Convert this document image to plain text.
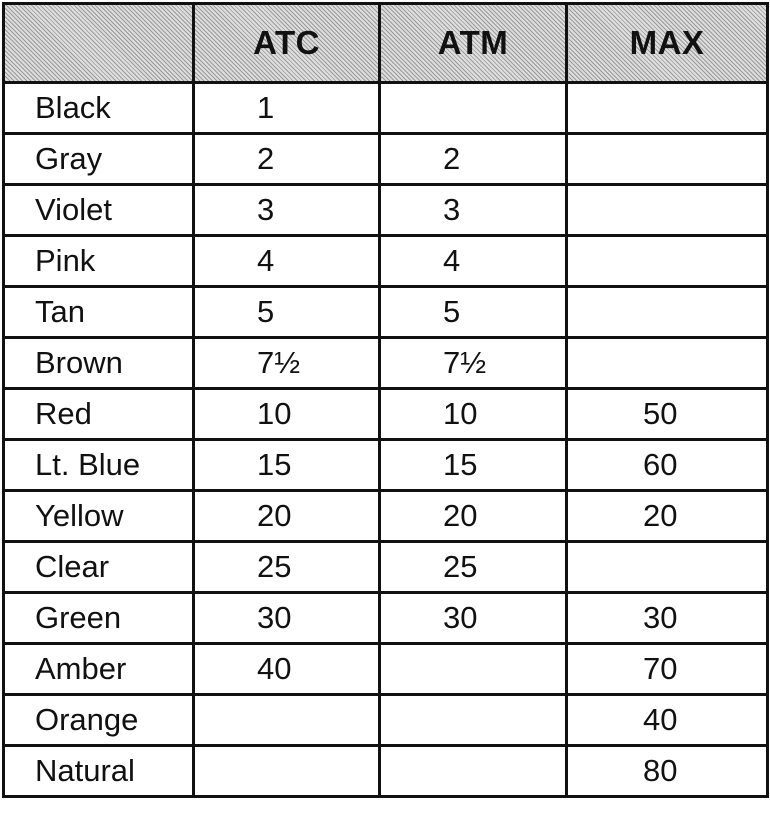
	ATC	ATM	MAX
Black	1		
Gray	2	2	
Violet	3	3	
Pink	4	4	
Tan	5	5	
Brown	7½	7½	
Red	10	10	50
Lt. Blue	15	15	60
Yellow	20	20	20
Clear	25	25	
Green	30	30	30
Amber	40		70
Orange			40
Natural			80
